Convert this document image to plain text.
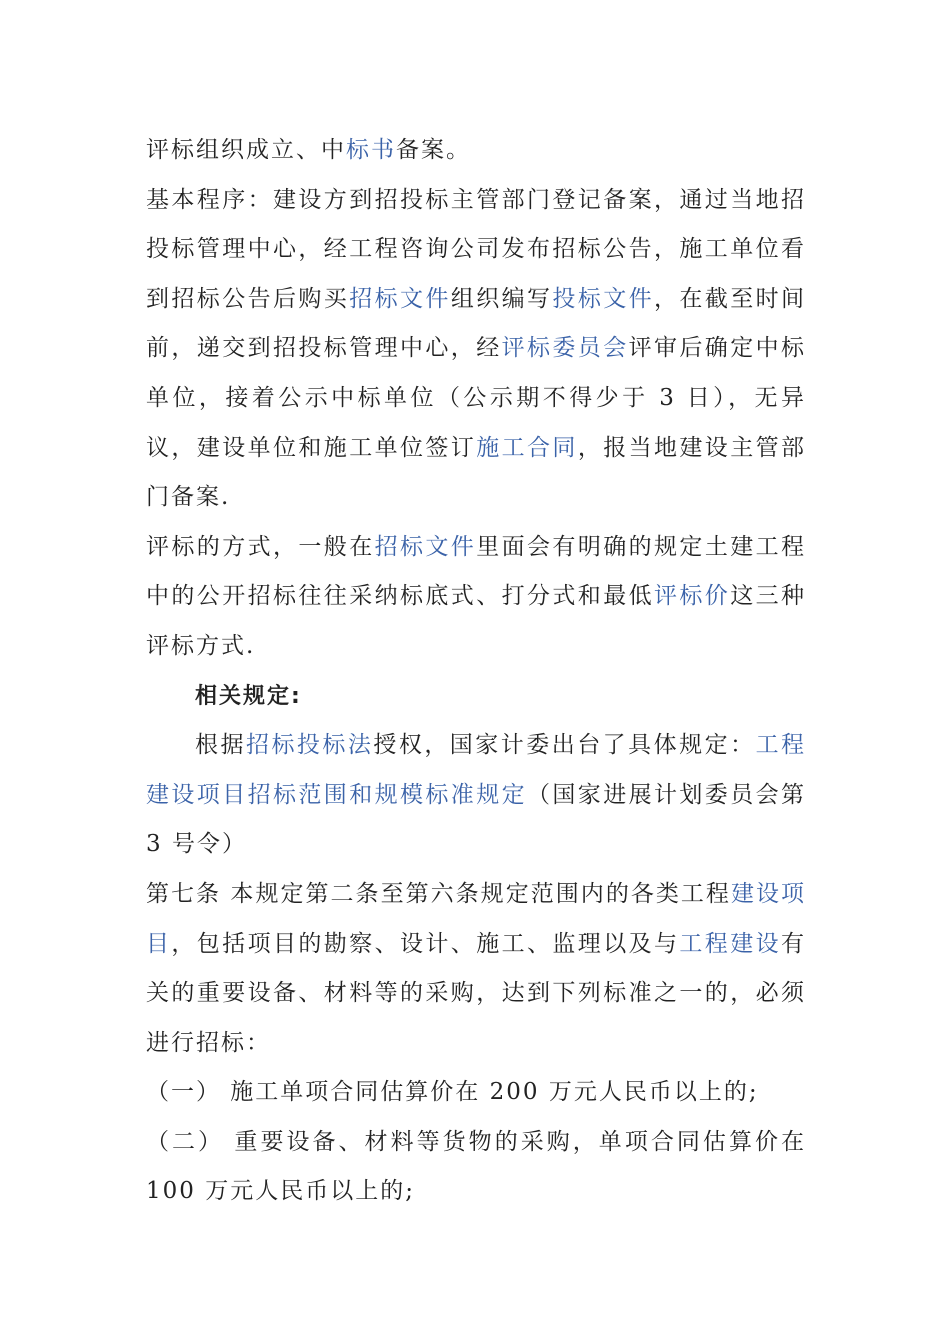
评标组织成立、中标书备案。

基本程序：建设方到招投标主管部门登记备案，通过当地招投标管理中心，经工程咨询公司发布招标公告，施工单位看到招标公告后购买招标文件组织编写投标文件，在截至时间前，递交到招投标管理中心，经评标委员会评审后确定中标单位，接着公示中标单位（公示期不得少于 3 日），无异议，建设单位和施工单位签订施工合同，报当地建设主管部门备案.

评标的方式，一般在招标文件里面会有明确的规定土建工程中的公开招标往往采纳标底式、打分式和最低评标价这三种评标方式.

相关规定:

根据招标投标法授权，国家计委出台了具体规定：工程建设项目招标范围和规模标准规定（国家进展计划委员会第 3 号令）

第七条 本规定第二条至第六条规定范围内的各类工程建设项目，包括项目的勘察、设计、施工、监理以及与工程建设有关的重要设备、材料等的采购，达到下列标准之一的，必须进行招标：

（一） 施工单项合同估算价在 200 万元人民币以上的;

（二） 重要设备、材料等货物的采购，单项合同估算价在 100 万元人民币以上的;
